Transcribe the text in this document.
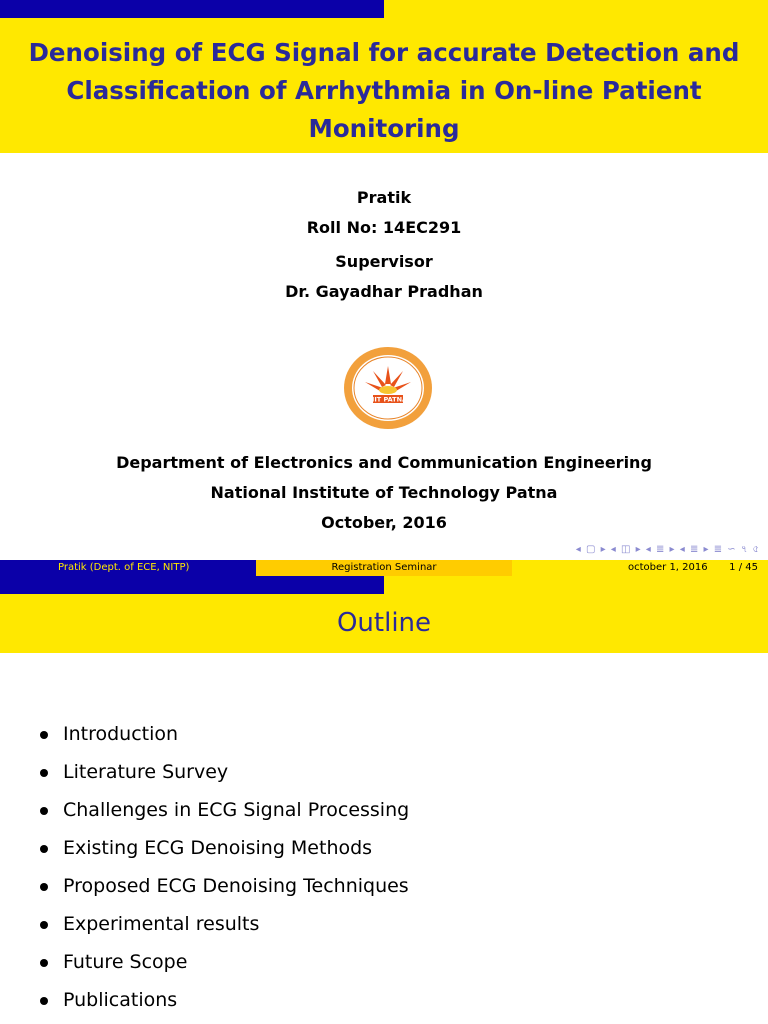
Denoising of ECG Signal for accurate Detection and Classification of Arrhythmia in On-line Patient Monitoring
Pratik
Roll No: 14EC291
Supervisor
Dr. Gayadhar Pradhan
NIT PATNA
Department of Electronics and Communication Engineering
National Institute of Technology Patna
October, 2016
◂ ▢ ▸ ◂ ◫ ▸ ◂ ≣ ▸ ◂ ≣ ▸ ≣ ∽ ৭ ৫
Pratik (Dept. of ECE, NITP)	Registration Seminar	october 1, 2016 1 / 45
Outline
Introduction
Literature Survey
Challenges in ECG Signal Processing
Existing ECG Denoising Methods
Proposed ECG Denoising Techniques
Experimental results
Future Scope
Publications
